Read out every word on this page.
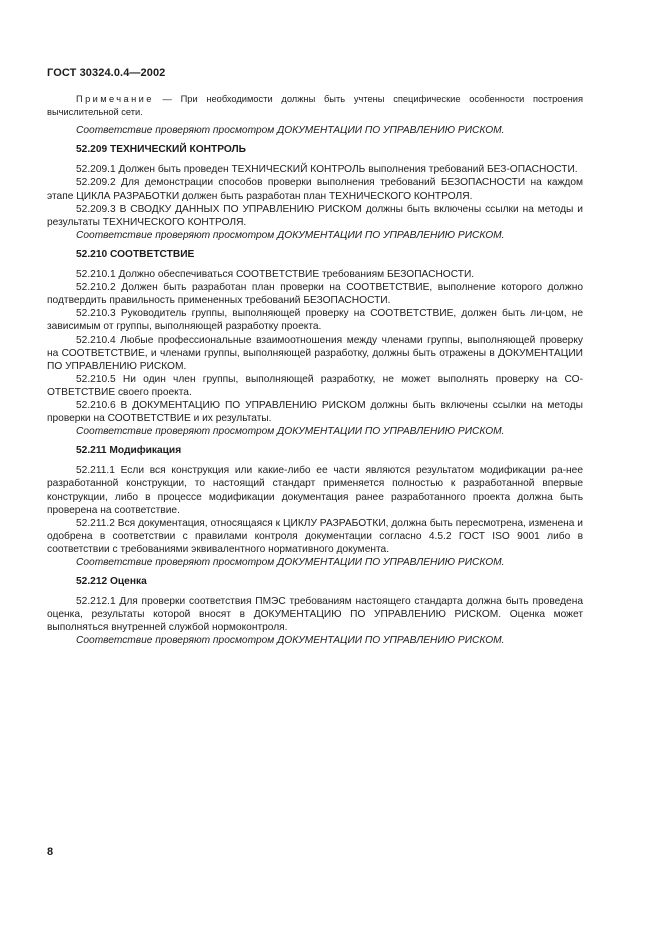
ГОСТ 30324.0.4—2002

Примечание — При необходимости должны быть учтены специфические особенности построения вычислительной сети.

Соответствие проверяют просмотром ДОКУМЕНТАЦИИ ПО УПРАВЛЕНИЮ РИСКОМ.

52.209 ТЕХНИЧЕСКИЙ КОНТРОЛЬ

52.209.1 Должен быть проведен ТЕХНИЧЕСКИЙ КОНТРОЛЬ выполнения требований БЕЗ-ОПАСНОСТИ.

52.209.2 Для демонстрации способов проверки выполнения требований БЕЗОПАСНОСТИ на каждом этапе ЦИКЛА РАЗРАБОТКИ должен быть разработан план ТЕХНИЧЕСКОГО КОНТРОЛЯ.

52.209.3 В СВОДКУ ДАННЫХ ПО УПРАВЛЕНИЮ РИСКОМ должны быть включены ссылки на методы и результаты ТЕХНИЧЕСКОГО КОНТРОЛЯ.

Соответствие проверяют просмотром ДОКУМЕНТАЦИИ ПО УПРАВЛЕНИЮ РИСКОМ.

52.210 СООТВЕТСТВИЕ

52.210.1 Должно обеспечиваться СООТВЕТСТВИЕ требованиям БЕЗОПАСНОСТИ.

52.210.2 Должен быть разработан план проверки на СООТВЕТСТВИЕ, выполнение которого должно подтвердить правильность примененных требований БЕЗОПАСНОСТИ.

52.210.3 Руководитель группы, выполняющей проверку на СООТВЕТСТВИЕ, должен быть ли-цом, не зависимым от группы, выполняющей разработку проекта.

52.210.4 Любые профессиональные взаимоотношения между членами группы, выполняющей проверку на СООТВЕТСТВИЕ, и членами группы, выполняющей разработку, должны быть отражены в ДОКУМЕНТАЦИИ ПО УПРАВЛЕНИЮ РИСКОМ.

52.210.5 Ни один член группы, выполняющей разработку, не может выполнять проверку на СО-ОТВЕТСТВИЕ своего проекта.

52.210.6 В ДОКУМЕНТАЦИЮ ПО УПРАВЛЕНИЮ РИСКОМ должны быть включены ссылки на методы проверки на СООТВЕТСТВИЕ и их результаты.

Соответствие проверяют просмотром ДОКУМЕНТАЦИИ ПО УПРАВЛЕНИЮ РИСКОМ.

52.211 Модификация

52.211.1 Если вся конструкция или какие-либо ее части являются результатом модификации ра-нее разработанной конструкции, то настоящий стандарт применяется полностью к разработанной впервые конструкции, либо в процессе модификации документация ранее разработанного проекта должна быть проверена на соответствие.

52.211.2 Вся документация, относящаяся к ЦИКЛУ РАЗРАБОТКИ, должна быть пересмотрена, изменена и одобрена в соответствии с правилами контроля документации согласно 4.5.2 ГОСТ ISO 9001 либо в соответствии с требованиями эквивалентного нормативного документа.

Соответствие проверяют просмотром ДОКУМЕНТАЦИИ ПО УПРАВЛЕНИЮ РИСКОМ.

52.212 Оценка

52.212.1 Для проверки соответствия ПМЭС требованиям настоящего стандарта должна быть проведена оценка, результаты которой вносят в ДОКУМЕНТАЦИЮ ПО УПРАВЛЕНИЮ РИСКОМ. Оценка может выполняться внутренней службой нормоконтроля.

Соответствие проверяют просмотром ДОКУМЕНТАЦИИ ПО УПРАВЛЕНИЮ РИСКОМ.

8
